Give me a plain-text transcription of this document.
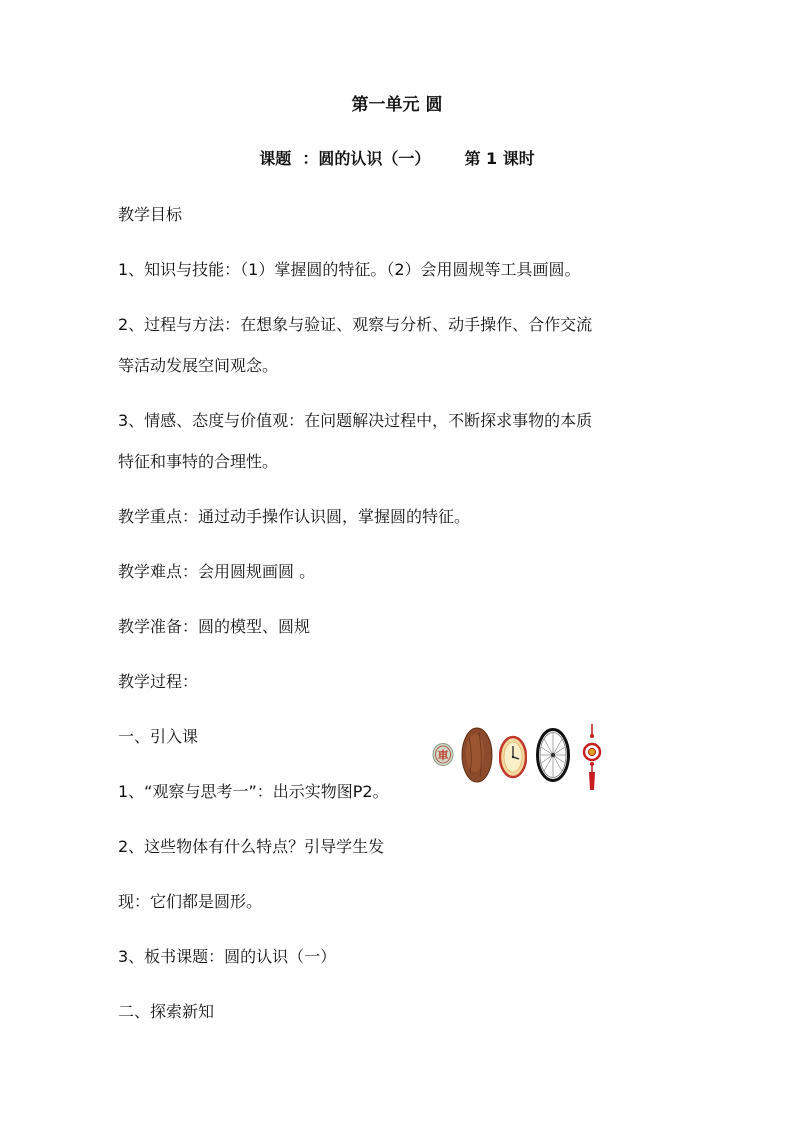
第一单元 圆
课题  ：圆的认识（一） 第 1 课时

教学目标

1、知识与技能：（1）掌握圆的特征。（2）会用圆规等工具画圆。

2、过程与方法：在想象与验证、观察与分析、动手操作、合作交流

等活动发展空间观念。

3、情感、态度与价值观：在问题解决过程中，不断探求事物的本质

特征和事特的合理性。

教学重点：通过动手操作认识圆，掌握圆的特征。

教学难点：会用圆规画圆 。

教学准备：圆的模型、圆规

教学过程：

一、引入课

1、“观察与思考一”：出示实物图P2。

2、这些物体有什么特点？引导学生发

现：它们都是圆形。

3、板书课题：圆的认识（一）

二、探索新知

車
